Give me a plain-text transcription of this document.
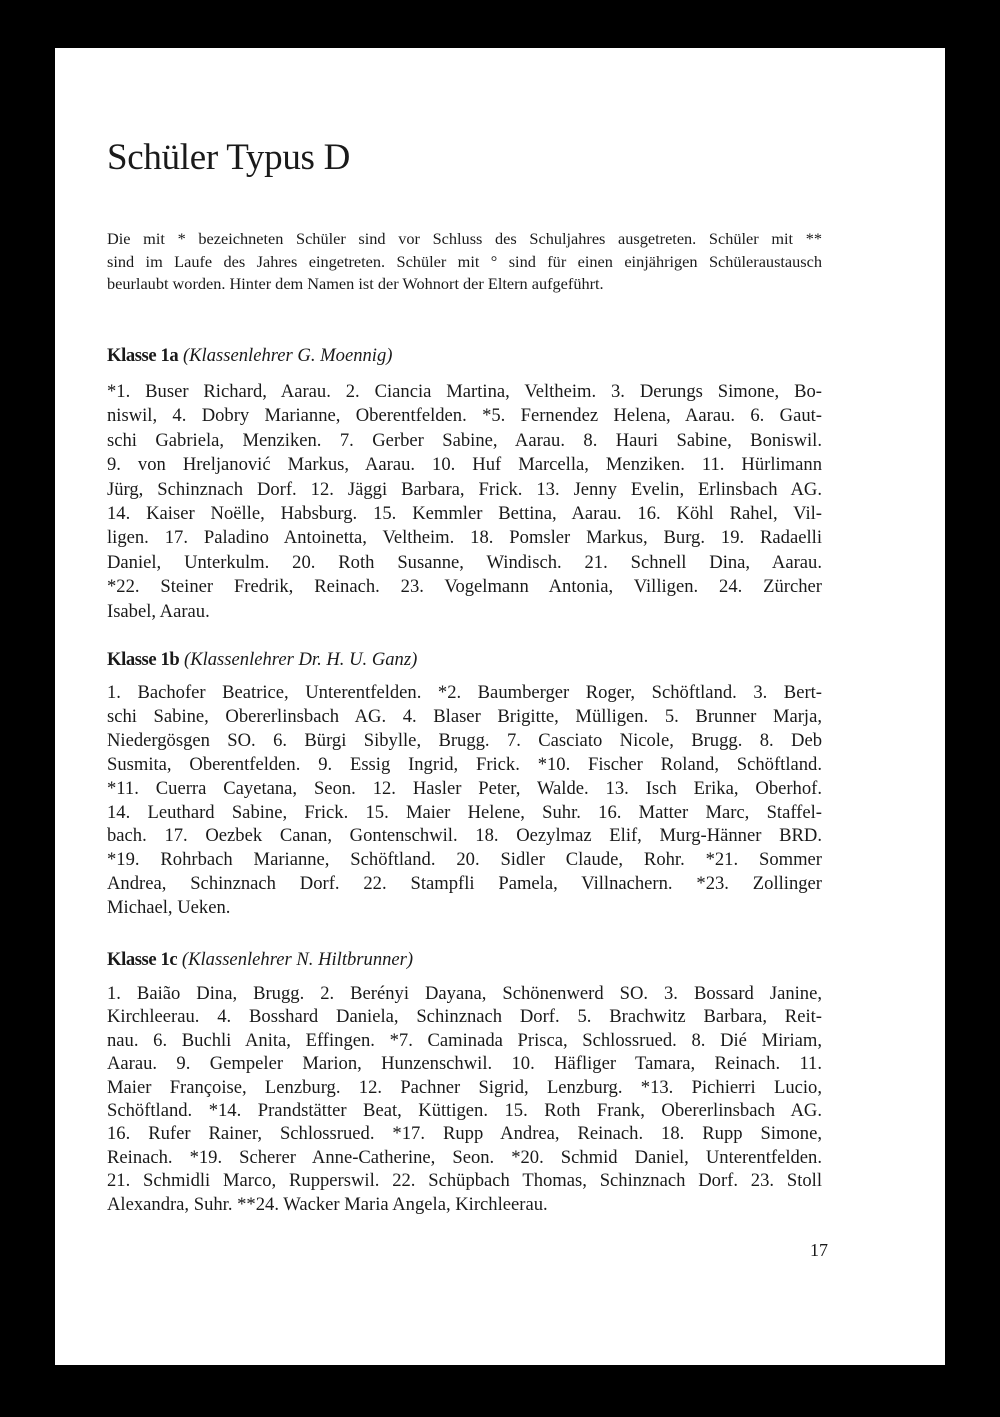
Schüler Typus D
Die mit * bezeichneten Schüler sind vor Schluss des Schuljahres ausgetreten. Schüler mit **
sind im Laufe des Jahres eingetreten. Schüler mit ° sind für einen einjährigen Schüleraustausch
beurlaubt worden. Hinter dem Namen ist der Wohnort der Eltern aufgeführt.
Klasse 1a (Klassenlehrer G. Moennig)
*1. Buser Richard, Aarau. 2. Ciancia Martina, Veltheim. 3. Derungs Simone, Bo-
niswil, 4. Dobry Marianne, Oberentfelden. *5. Fernendez Helena, Aarau. 6. Gaut-
schi Gabriela, Menziken. 7. Gerber Sabine, Aarau. 8. Hauri Sabine, Boniswil.
9. von Hreljanović Markus, Aarau. 10. Huf Marcella, Menziken. 11. Hürlimann
Jürg, Schinznach Dorf. 12. Jäggi Barbara, Frick. 13. Jenny Evelin, Erlinsbach AG.
14. Kaiser Noëlle, Habsburg. 15. Kemmler Bettina, Aarau. 16. Köhl Rahel, Vil-
ligen. 17. Paladino Antoinetta, Veltheim. 18. Pomsler Markus, Burg. 19. Radaelli
Daniel, Unterkulm. 20. Roth Susanne, Windisch. 21. Schnell Dina, Aarau.
*22. Steiner Fredrik, Reinach. 23. Vogelmann Antonia, Villigen. 24. Zürcher
Isabel, Aarau.
Klasse 1b (Klassenlehrer Dr. H. U. Ganz)
1. Bachofer Beatrice, Unterentfelden. *2. Baumberger Roger, Schöftland. 3. Bert-
schi Sabine, Obererlinsbach AG. 4. Blaser Brigitte, Mülligen. 5. Brunner Marja,
Niedergösgen SO. 6. Bürgi Sibylle, Brugg. 7. Casciato Nicole, Brugg. 8. Deb
Susmita, Oberentfelden. 9. Essig Ingrid, Frick. *10. Fischer Roland, Schöftland.
*11. Cuerra Cayetana, Seon. 12. Hasler Peter, Walde. 13. Isch Erika, Oberhof.
14. Leuthard Sabine, Frick. 15. Maier Helene, Suhr. 16. Matter Marc, Staffel-
bach. 17. Oezbek Canan, Gontenschwil. 18. Oezylmaz Elif, Murg-Hänner BRD.
*19. Rohrbach Marianne, Schöftland. 20. Sidler Claude, Rohr. *21. Sommer
Andrea, Schinznach Dorf. 22. Stampfli Pamela, Villnachern. *23. Zollinger
Michael, Ueken.
Klasse 1c (Klassenlehrer N. Hiltbrunner)
1. Baião Dina, Brugg. 2. Berényi Dayana, Schönenwerd SO. 3. Bossard Janine,
Kirchleerau. 4. Bosshard Daniela, Schinznach Dorf. 5. Brachwitz Barbara, Reit-
nau. 6. Buchli Anita, Effingen. *7. Caminada Prisca, Schlossrued. 8. Dié Miriam,
Aarau. 9. Gempeler Marion, Hunzenschwil. 10. Häfliger Tamara, Reinach. 11.
Maier Françoise, Lenzburg. 12. Pachner Sigrid, Lenzburg. *13. Pichierri Lucio,
Schöftland. *14. Prandstätter Beat, Küttigen. 15. Roth Frank, Obererlinsbach AG.
16. Rufer Rainer, Schlossrued. *17. Rupp Andrea, Reinach. 18. Rupp Simone,
Reinach. *19. Scherer Anne-Catherine, Seon. *20. Schmid Daniel, Unterentfelden.
21. Schmidli Marco, Rupperswil. 22. Schüpbach Thomas, Schinznach Dorf. 23. Stoll
Alexandra, Suhr. **24. Wacker Maria Angela, Kirchleerau.
17
